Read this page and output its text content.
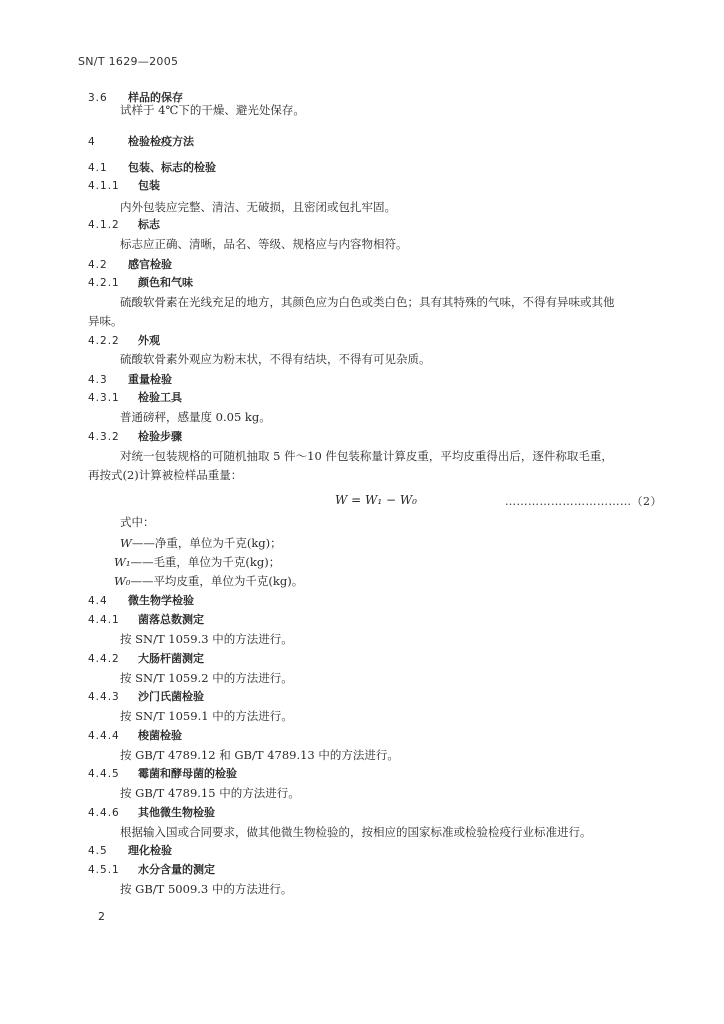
SN/T 1629—2005
3.6 样品的保存
试样于 4℃下的干燥、避光处保存。
4	检验检疫方法
4.1 包装、标志的检验
4.1.1 包装
内外包装应完整、清洁、无破损，且密闭或包扎牢固。
4.1.2 标志
标志应正确、清晰，品名、等级、规格应与内容物相符。
4.2 感官检验
4.2.1 颜色和气味
硫酸软骨素在光线充足的地方，其颜色应为白色或类白色；具有其特殊的气味，不得有异味或其他
异味。
4.2.2 外观
硫酸软骨素外观应为粉末状，不得有结块，不得有可见杂质。
4.3 重量检验
4.3.1 检验工具
普通磅秤，感量度 0.05 kg。
4.3.2 检验步骤
对统一包装规格的可随机抽取 5 件～10 件包装称量计算皮重，平均皮重得出后，逐件称取毛重，
再按式(2)计算被检样品重量：
式中：
W——净重，单位为千克(kg)；
W₁——毛重，单位为千克(kg)；
W₀——平均皮重，单位为千克(kg)。
4.4 微生物学检验
4.4.1 菌落总数测定
按 SN/T 1059.3 中的方法进行。
4.4.2 大肠杆菌测定
按 SN/T 1059.2 中的方法进行。
4.4.3 沙门氏菌检验
按 SN/T 1059.1 中的方法进行。
4.4.4 梭菌检验
按 GB/T 4789.12 和 GB/T 4789.13 中的方法进行。
4.4.5 霉菌和酵母菌的检验
按 GB/T 4789.15 中的方法进行。
4.4.6 其他微生物检验
根据输入国或合同要求，做其他微生物检验的，按相应的国家标准或检验检疫行业标准进行。
4.5 理化检验
4.5.1 水分含量的测定
按 GB/T 5009.3 中的方法进行。
W = W₁ − W₀	……………………………（2）
2
